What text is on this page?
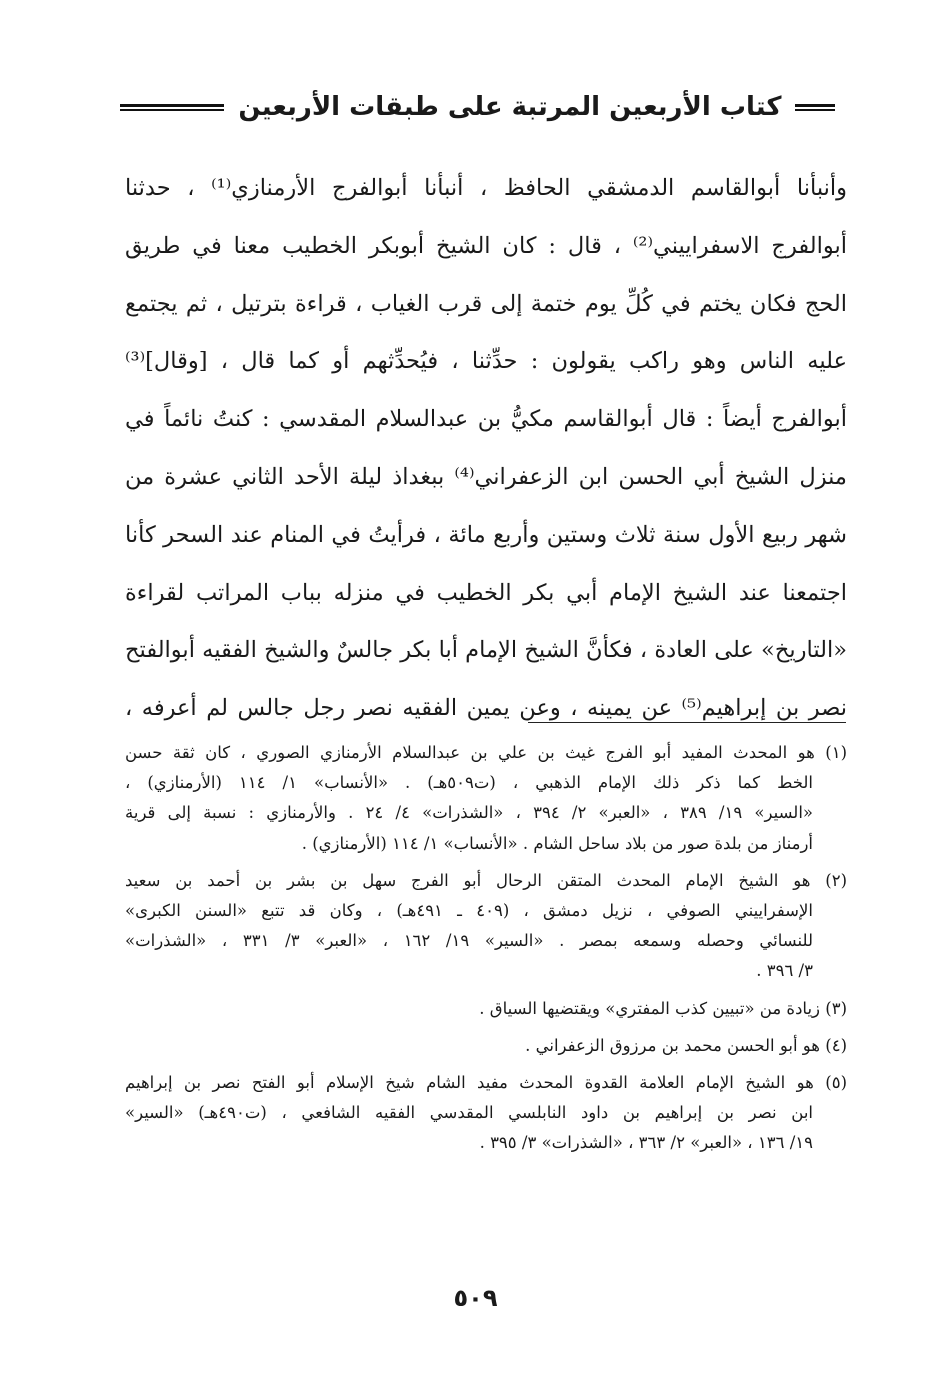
كتاب الأربعين المرتبة على طبقات الأربعين
وأنبأنا أبوالقاسم الدمشقي الحافظ ، أنبأنا أبوالفرج الأرمنازي⁽¹⁾ ، حدثنا
أبوالفرج الاسفراييني⁽²⁾ ، قال : كان الشيخ أبوبكر الخطيب معنا في طريق
الحج فكان يختم في كُلِّ يوم ختمة إلى قرب الغياب ، قراءة بترتيل ، ثم يجتمع
عليه الناس وهو راكب يقولون : حدِّثنا ، فيُحدِّثهم أو كما قال ، [وقال]⁽³⁾
أبوالفرج أيضاً : قال أبوالقاسم مكيُّ بن عبدالسلام المقدسي : كنتُ نائماً في
منزل الشيخ أبي الحسن ابن الزعفراني⁽⁴⁾ ببغداذ ليلة الأحد الثاني عشرة من
شهر ربيع الأول سنة ثلاث وستين وأربع مائة ، فرأيتُ في المنام عند السحر كأنا
اجتمعنا عند الشيخ الإمام أبي بكر الخطيب في منزله بباب المراتب لقراءة
«التاريخ» على العادة ، فكأنَّ الشيخ الإمام أبا بكر جالسٌ والشيخ الفقيه أبوالفتح
نصر بن إبراهيم⁽⁵⁾ عن يمينه ، وعن يمين الفقيه نصر رجل جالس لم أعرفه ،
(١) هو المحدث المفيد أبو الفرج غيث بن علي بن عبدالسلام الأرمنازي الصوري ، كان ثقة حسن
الخط كما ذكر ذلك الإمام الذهبي ، (ت٥٠٩هـ) . «الأنساب» ١/ ١١٤ (الأرمنازي) ،
«السير» ١٩/ ٣٨٩ ، «العبر» ٢/ ٣٩٤ ، «الشذرات» ٤/ ٢٤ . والأرمنازي : نسبة إلى قرية
أرمناز من بلدة صور من بلاد ساحل الشام . «الأنساب» ١/ ١١٤ (الأرمنازي) .
(٢) هو الشيخ الإمام المحدث المتقن الرحال أبو الفرج سهل بن بشر بن أحمد بن سعيد
الإسفراييني الصوفي ، نزيل دمشق ، (٤٠٩ ـ ٤٩١هـ) ، وكان قد تتبع «السنن الكبرى»
للنسائي وحصله وسمعه بمصر . «السير» ١٩/ ١٦٢ ، «العبر» ٣/ ٣٣١ ، «الشذرات»
٣/ ٣٩٦ .
(٣) زيادة من «تبيين كذب المفتري» ويقتضيها السياق .
(٤) هو أبو الحسن محمد بن مرزوق الزعفراني .
(٥) هو الشيخ الإمام العلامة القدوة المحدث مفيد الشام شيخ الإسلام أبو الفتح نصر بن إبراهيم
ابن نصر بن إبراهيم بن داود النابلسي المقدسي الفقيه الشافعي ، (ت٤٩٠هـ) «السير»
١٩/ ١٣٦ ، «العبر» ٢/ ٣٦٣ ، «الشذرات» ٣/ ٣٩٥ .
٥٠٩
